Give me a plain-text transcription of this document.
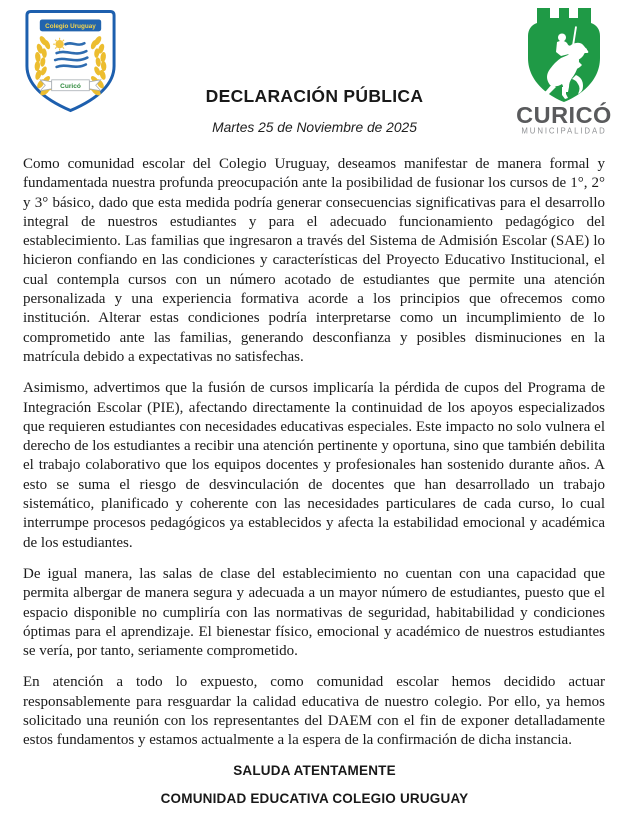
Colegio Uruguay
Curicó	DECLARACIÓN PÚBLICA
Martes 25 de Noviembre de 2025	CURICÓ
MUNICIPALIDAD

Como comunidad escolar del Colegio Uruguay, deseamos manifestar de manera formal y fundamentada nuestra profunda preocupación ante la posibilidad de fusionar los cursos de 1°, 2° y 3° básico, dado que esta medida podría generar consecuencias significativas para el desarrollo integral de nuestros estudiantes y para el adecuado funcionamiento pedagógico del establecimiento. Las familias que ingresaron a través del Sistema de Admisión Escolar (SAE) lo hicieron confiando en las condiciones y características del Proyecto Educativo Institucional, el cual contempla cursos con un número acotado de estudiantes que permite una atención personalizada y una experiencia formativa acorde a los principios que ofrecemos como institución. Alterar estas condiciones podría interpretarse como un incumplimiento de lo comprometido ante las familias, generando desconfianza y posibles disminuciones en la matrícula debido a expectativas no satisfechas.

Asimismo, advertimos que la fusión de cursos implicaría la pérdida de cupos del Programa de Integración Escolar (PIE), afectando directamente la continuidad de los apoyos especializados que requieren estudiantes con necesidades educativas especiales. Este impacto no solo vulnera el derecho de los estudiantes a recibir una atención pertinente y oportuna, sino que también debilita el trabajo colaborativo que los equipos docentes y profesionales han sostenido durante años. A esto se suma el riesgo de desvinculación de docentes que han desarrollado un trabajo sistemático, planificado y coherente con las necesidades particulares de cada curso, lo cual interrumpe procesos pedagógicos ya establecidos y afecta la estabilidad emocional y académica de los estudiantes.

De igual manera, las salas de clase del establecimiento no cuentan con una capacidad que permita albergar de manera segura y adecuada a un mayor número de estudiantes, puesto que el espacio disponible no cumpliría con las normativas de seguridad, habitabilidad y condiciones óptimas para el aprendizaje. El bienestar físico, emocional y académico de nuestros estudiantes se vería, por tanto, seriamente comprometido.

En atención a todo lo expuesto, como comunidad escolar hemos decidido actuar responsablemente para resguardar la calidad educativa de nuestro colegio. Por ello, ya hemos solicitado una reunión con los representantes del DAEM con el fin de exponer detalladamente estos fundamentos y estamos actualmente a la espera de la confirmación de dicha instancia.

SALUDA ATENTAMENTE
COMUNIDAD EDUCATIVA COLEGIO URUGUAY
